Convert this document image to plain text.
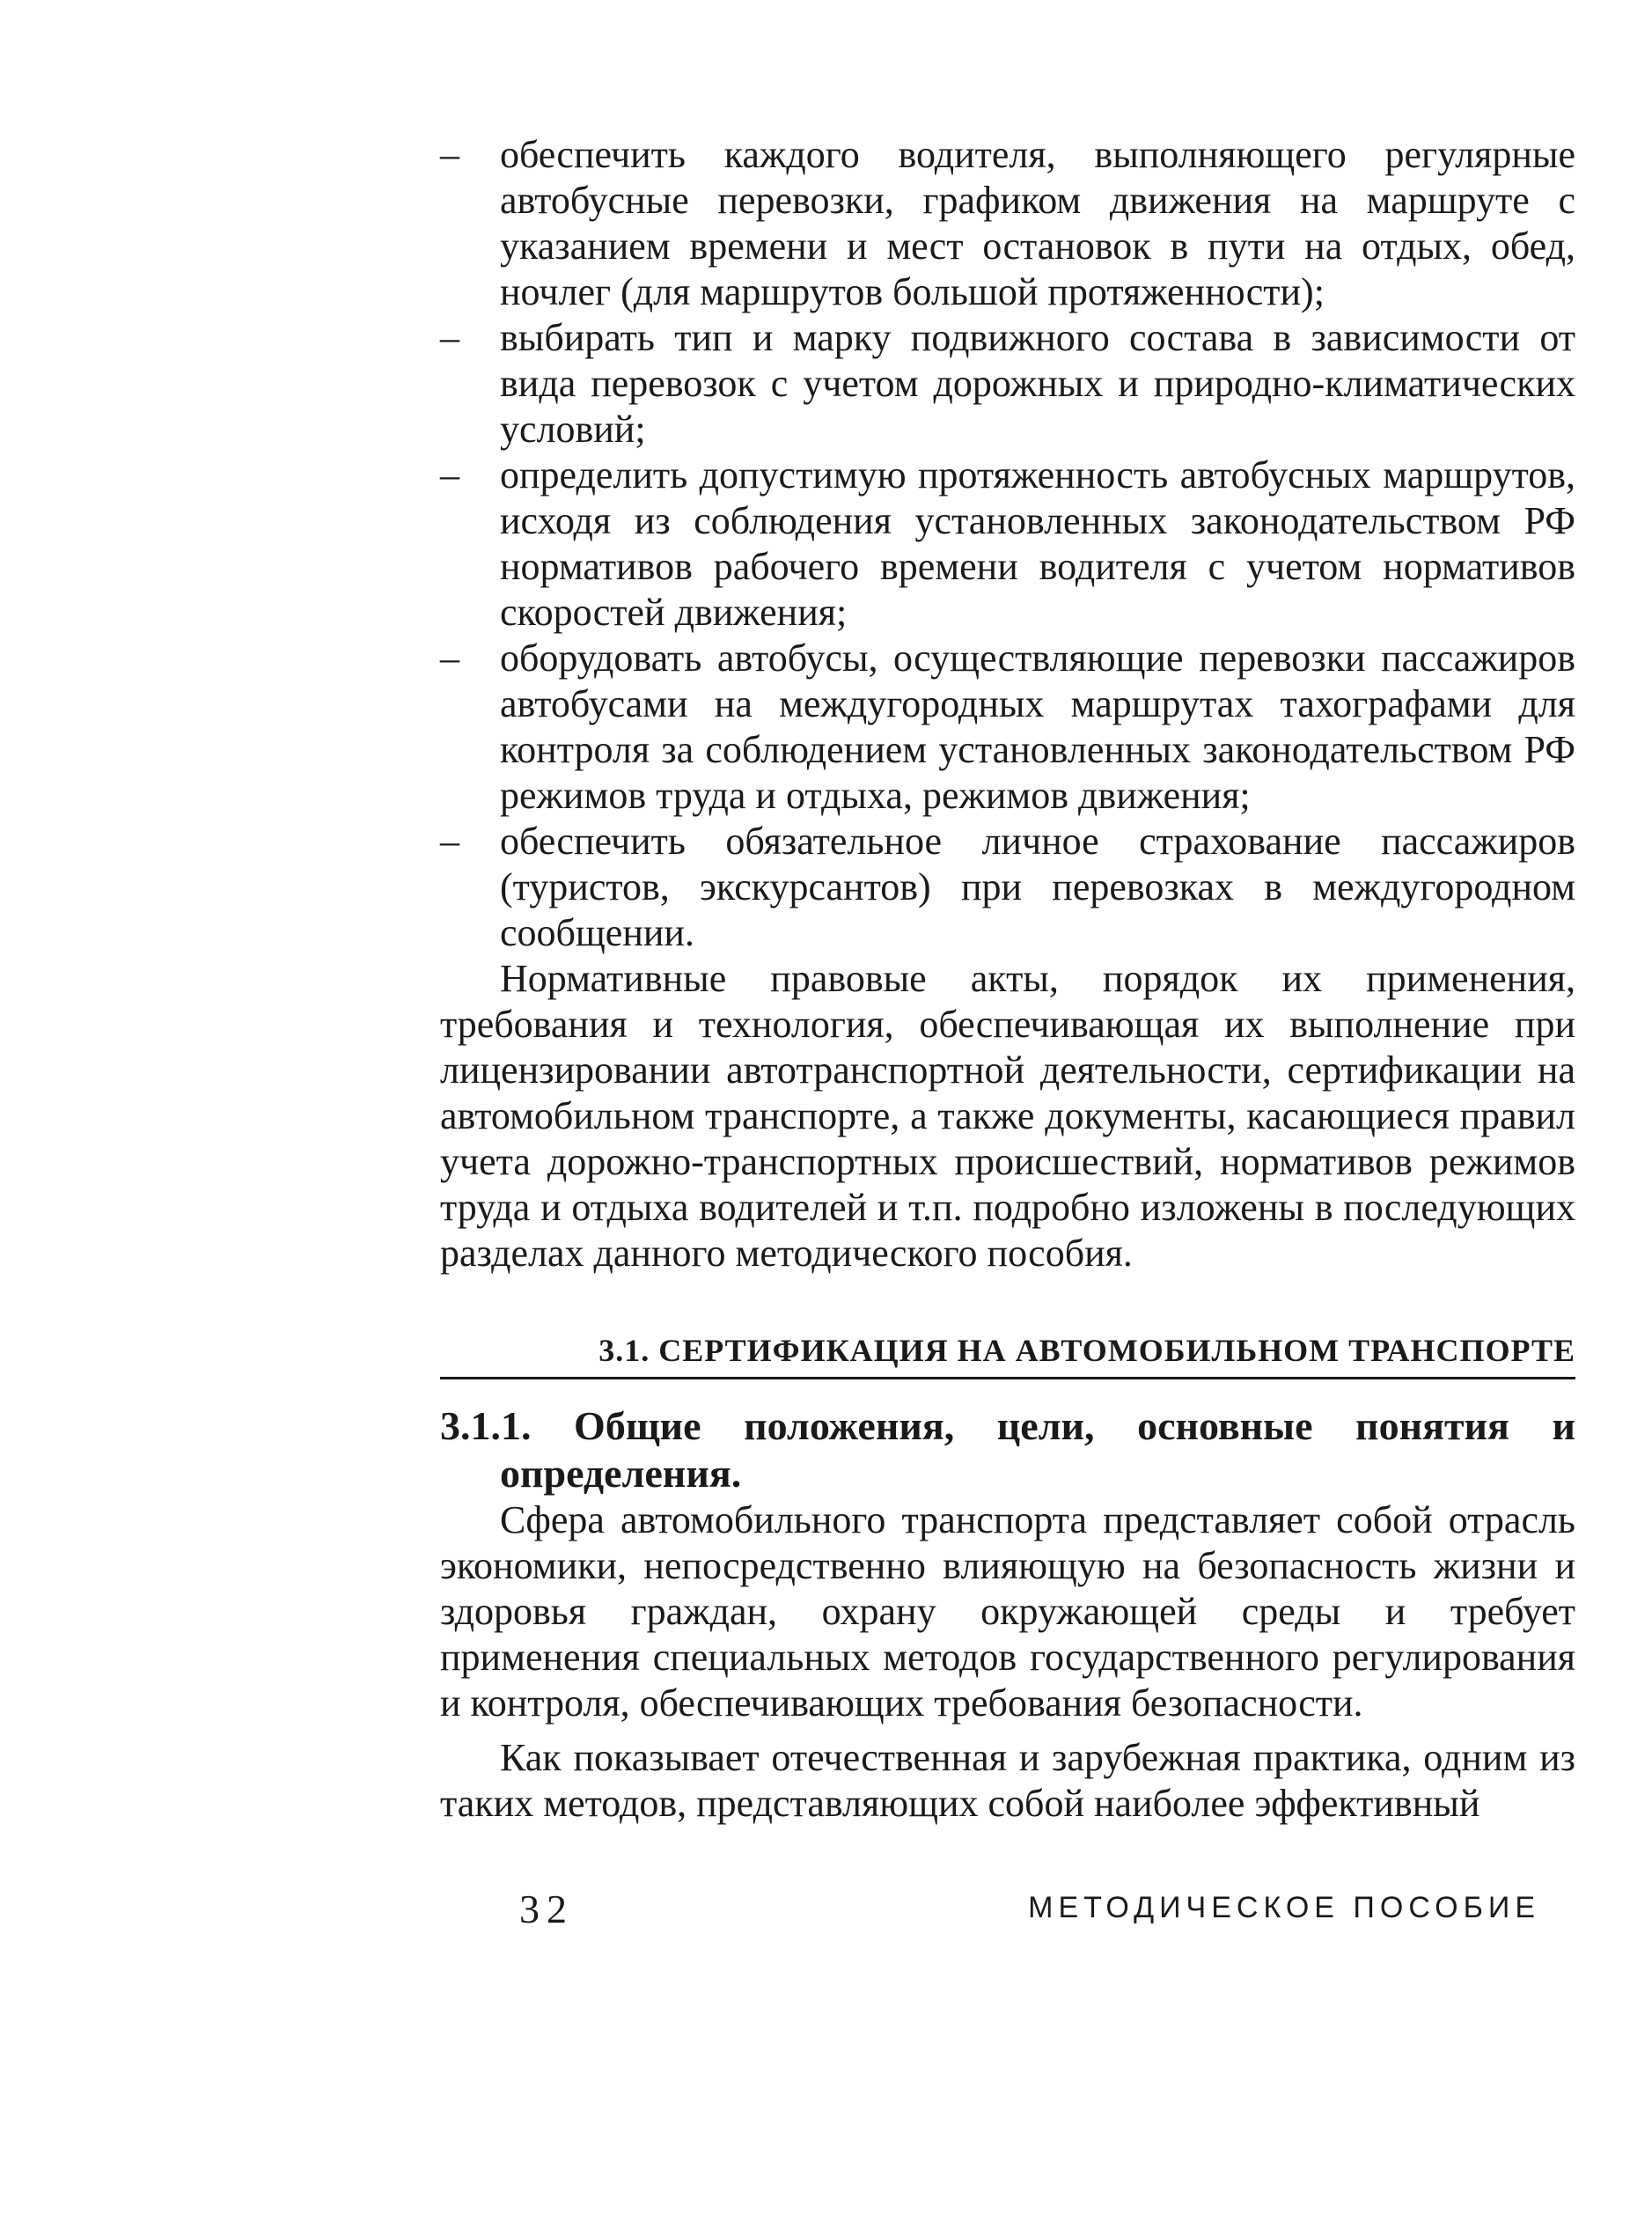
–	обеспечить каждого водителя, выполняющего регулярные автобусные перевозки, графиком движения на маршруте с указанием времени и мест остановок в пути на отдых, обед, ночлег (для маршрутов большой протяженности);
–	выбирать тип и марку подвижного состава в зависимости от вида перевозок с учетом дорожных и природно-климатических условий;
–	определить допустимую протяженность автобусных маршрутов, исходя из соблюдения установленных законодательством РФ нормативов рабочего времени водителя с учетом нормативов скоростей движения;
–	оборудовать автобусы, осуществляющие перевозки пассажиров автобусами на междугородных маршрутах тахографами для контроля за соблюдением установленных законодательством РФ режимов труда и отдыха, режимов движения;
–	обеспечить обязательное личное страхование пассажиров (туристов, экскурсантов) при перевозках в междугородном сообщении.

Нормативные правовые акты, порядок их применения, требования и технология, обеспечивающая их выполнение при лицензировании автотранспортной деятельности, сертификации на автомобильном транспорте, а также документы, касающиеся правил учета дорожно-транспортных происшествий, нормативов режимов труда и отдыха водителей и т.п. подробно изложены в последующих разделах данного методического пособия.

3.1. СЕРТИФИКАЦИЯ НА АВТОМОБИЛЬНОМ ТРАНСПОРТЕ
3.1.1. Общие положения, цели, основные понятия и определения.

Сфера автомобильного транспорта представляет собой отрасль экономики, непосредственно влияющую на безопасность жизни и здоровья граждан, охрану окружающей среды и требует применения специальных методов государственного регулирования и контроля, обеспечивающих требования безопасности.

Как показывает отечественная и зарубежная практика, одним из таких методов, представляющих собой наиболее эффективный

32	МЕТОДИЧЕСКОЕ ПОСОБИЕ
